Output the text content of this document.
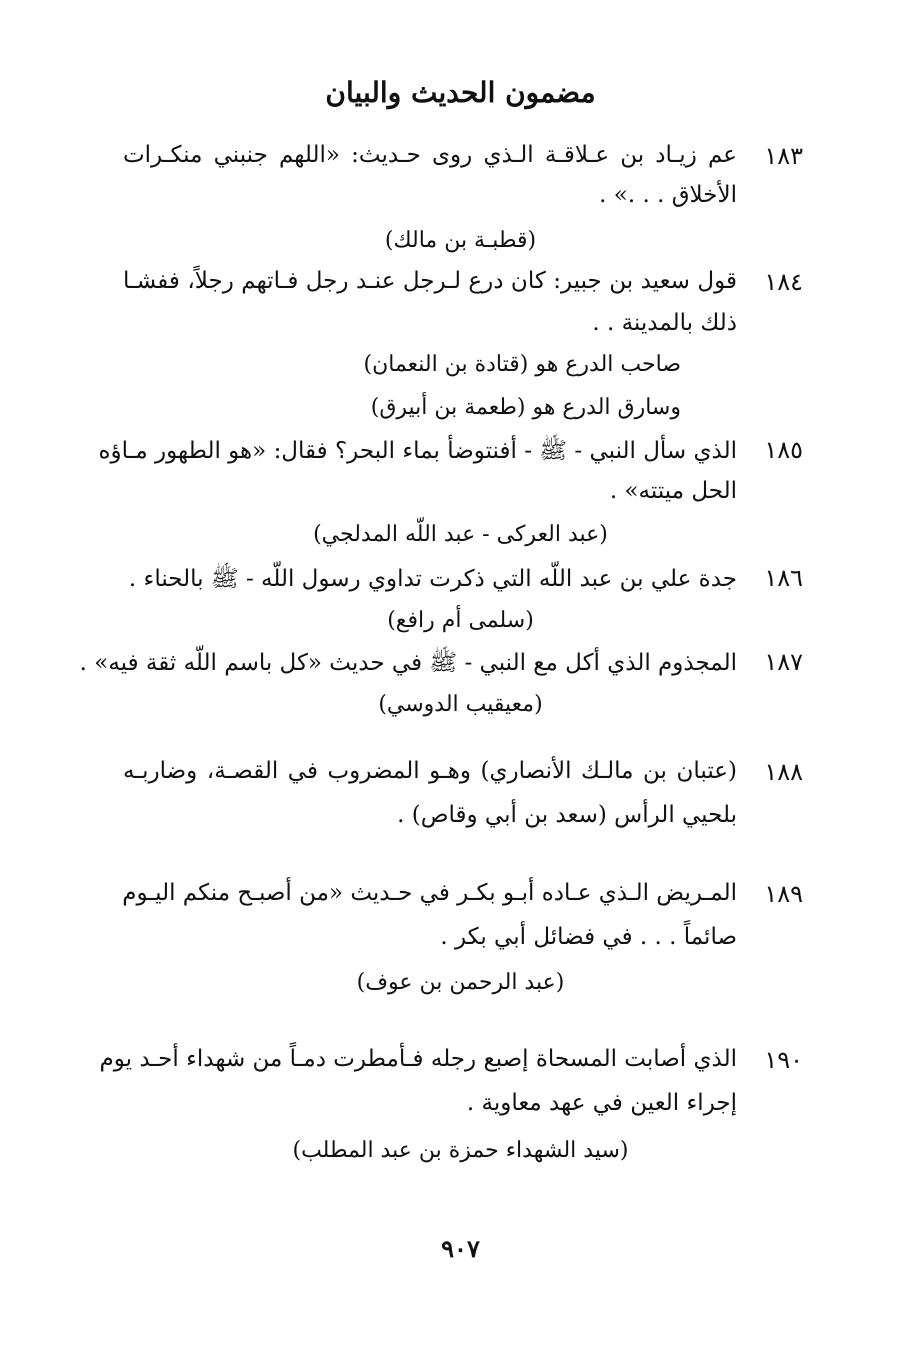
مضمون الحديث والبيان
١٨٣
عم زيـاد بن عـلاقـة الـذي روى حـديث: «اللهم جنبني منكـرات
الأخلاق . . .» .
(قطبـة بن مالك)
١٨٤
قول سعيد بن جبير: كان درع لـرجل عنـد رجل فـاتهم رجلاً، ففشـا
ذلك بالمدينة . .
صاحب الدرع هو (قتادة بن النعمان)
وسارق الدرع هو (طعمة بن أبيرق)
١٨٥
الذي سأل النبي - ﷺ - أفنتوضأ بماء البحر؟ فقال: «هو الطهور مـاؤه
الحل ميتته» .
(عبد العركى - عبد اللّه المدلجي)
١٨٦
جدة علي بن عبد اللّه التي ذكرت تداوي رسول اللّه - ﷺ بالحناء .
(سلمى أم رافع)
١٨٧
المجذوم الذي أكل مع النبي - ﷺ في حديث «كل باسم اللّه ثقة فيه» .
(معيقيب الدوسي)
١٨٨
(عتبان بن مالـك الأنصاري) وهـو المضروب في القصـة، وضاربـه
بلحيي الرأس (سعد بن أبي وقاص) .
١٨٩
المـريض الـذي عـاده أبـو بكـر في حـديث «من أصبـح منكم اليـوم
صائماً . . . في فضائل أبي بكر .
(عبد الرحمن بن عوف)
١٩٠
الذي أصابت المسحاة إصبع رجله فـأمطرت دمـاً من شهداء أحـد يوم
إجراء العين في عهد معاوية .
(سيد الشهداء حمزة بن عبد المطلب)
٩٠٧
